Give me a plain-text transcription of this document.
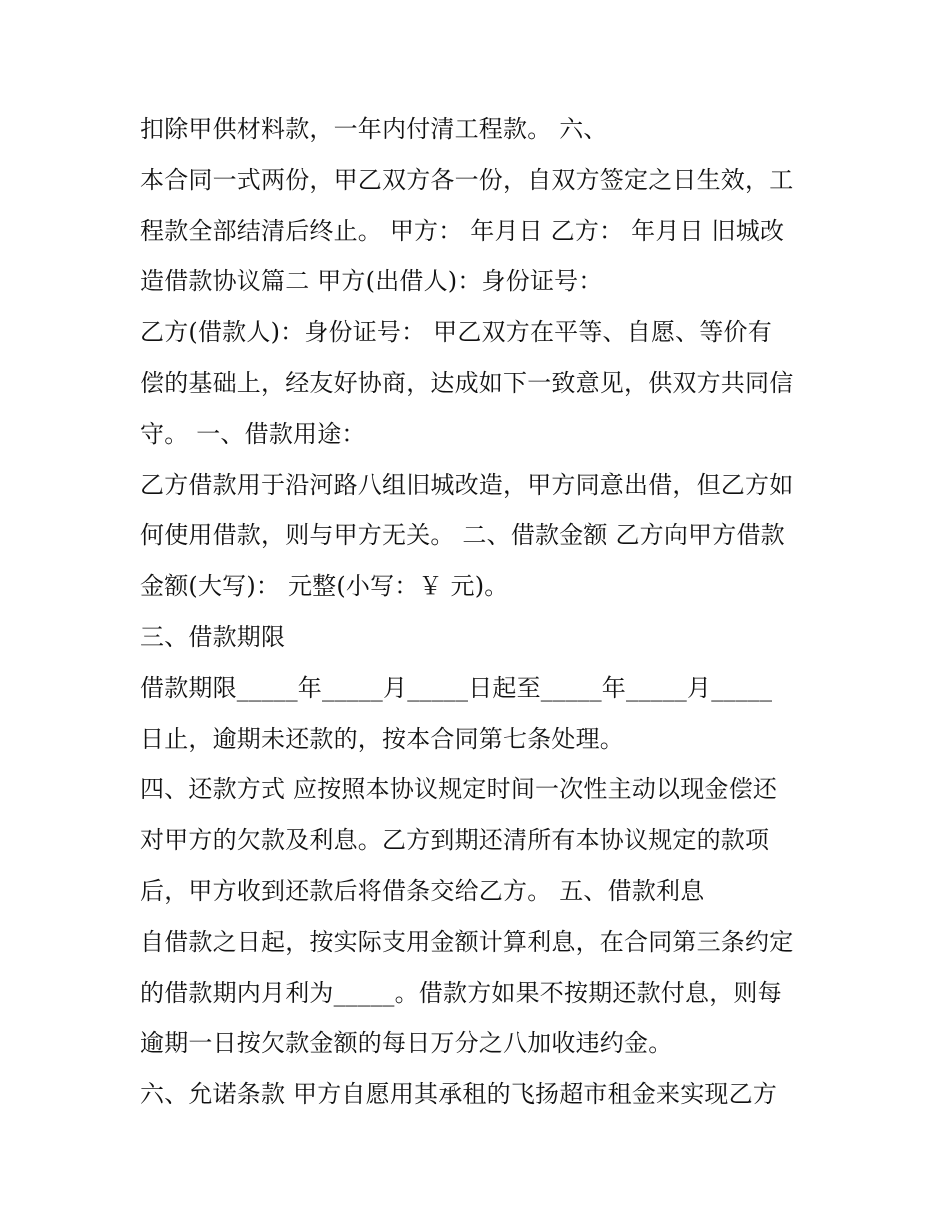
扣除甲供材料款，一年内付清工程款。 六、
本合同一式两份，甲乙双方各一份，自双方签定之日生效，工
程款全部结清后终止。 甲方： 年月日 乙方： 年月日 旧城改
造借款协议篇二 甲方(出借人)：身份证号：
乙方(借款人)：身份证号： 甲乙双方在平等、自愿、等价有
偿的基础上，经友好协商，达成如下一致意见，供双方共同信
守。 一、借款用途：
乙方借款用于沿河路八组旧城改造，甲方同意出借，但乙方如
何使用借款，则与甲方无关。 二、借款金额 乙方向甲方借款
金额(大写)： 元整(小写：￥ 元)。
三、借款期限
借款期限_____年_____月_____日起至_____年_____月_____
日止，逾期未还款的，按本合同第七条处理。
四、还款方式 应按照本协议规定时间一次性主动以现金偿还
对甲方的欠款及利息。乙方到期还清所有本协议规定的款项
后，甲方收到还款后将借条交给乙方。 五、借款利息
自借款之日起，按实际支用金额计算利息，在合同第三条约定
的借款期内月利为_____。借款方如果不按期还款付息，则每
逾期一日按欠款金额的每日万分之八加收违约金。
六、允诺条款 甲方自愿用其承租的飞扬超市租金来实现乙方
